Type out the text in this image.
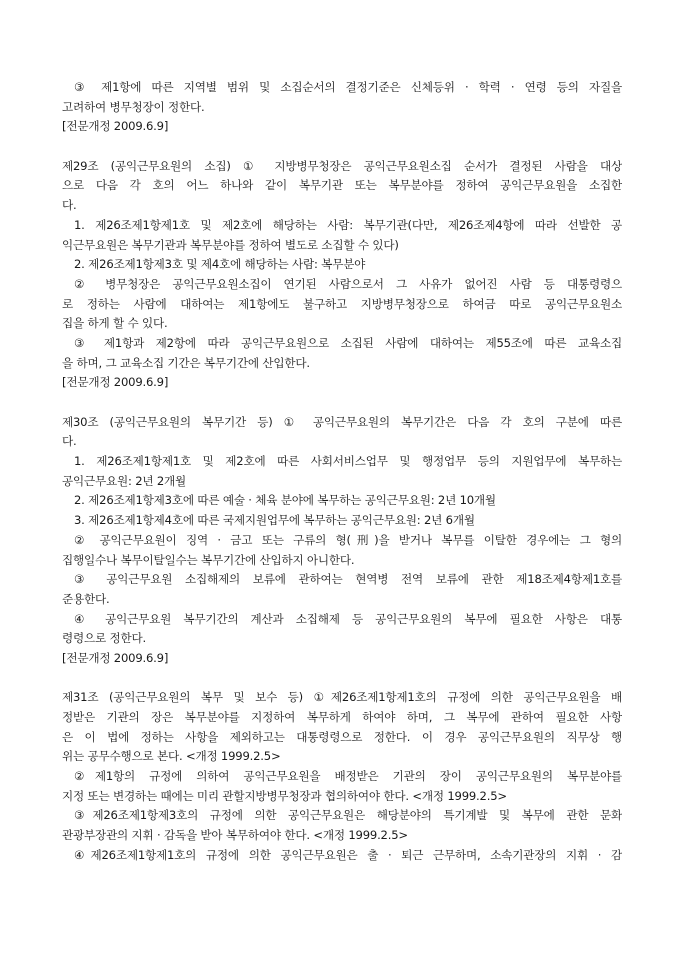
③ 제1항에 따른 지역별 범위 및 소집순서의 결정기준은 신체등위 · 학력 · 연령 등의 자질을
고려하여 병무청장이 정한다.
[전문개정 2009.6.9]
제29조 (공익근무요원의 소집) ① 지방병무청장은 공익근무요원소집 순서가 결정된 사람을 대상
으로 다음 각 호의 어느 하나와 같이 복무기관 또는 복무분야를 정하여 공익근무요원을 소집한
다.
1. 제26조제1항제1호 및 제2호에 해당하는 사람: 복무기관(다만, 제26조제4항에 따라 선발한 공
익근무요원은 복무기관과 복무분야를 정하여 별도로 소집할 수 있다)
2. 제26조제1항제3호 및 제4호에 해당하는 사람: 복무분야
② 병무청장은 공익근무요원소집이 연기된 사람으로서 그 사유가 없어진 사람 등 대통령령으
로 정하는 사람에 대하여는 제1항에도 불구하고 지방병무청장으로 하여금 따로 공익근무요원소
집을 하게 할 수 있다.
③ 제1항과 제2항에 따라 공익근무요원으로 소집된 사람에 대하여는 제55조에 따른 교육소집
을 하며, 그 교육소집 기간은 복무기간에 산입한다.
[전문개정 2009.6.9]
제30조 (공익근무요원의 복무기간 등) ① 공익근무요원의 복무기간은 다음 각 호의 구분에 따른
다.
1. 제26조제1항제1호 및 제2호에 따른 사회서비스업무 및 행정업무 등의 지원업무에 복무하는
공익근무요원: 2년 2개월
2. 제26조제1항제3호에 따른 예술 · 체육 분야에 복무하는 공익근무요원: 2년 10개월
3. 제26조제1항제4호에 따른 국제지원업무에 복무하는 공익근무요원: 2년 6개월
② 공익근무요원이 징역 · 금고 또는 구류의 형(刑)을 받거나 복무를 이탈한 경우에는 그 형의
집행일수나 복무이탈일수는 복무기간에 산입하지 아니한다.
③ 공익근무요원 소집해제의 보류에 관하여는 현역병 전역 보류에 관한 제18조제4항제1호를
준용한다.
④ 공익근무요원 복무기간의 계산과 소집해제 등 공익근무요원의 복무에 필요한 사항은 대통
령령으로 정한다.
[전문개정 2009.6.9]
제31조 (공익근무요원의 복무 및 보수 등) ①제26조제1항제1호의 규정에 의한 공익근무요원을 배
정받은 기관의 장은 복무분야를 지정하여 복무하게 하여야 하며, 그 복무에 관하여 필요한 사항
은 이 법에 정하는 사항을 제외하고는 대통령령으로 정한다. 이 경우 공익근무요원의 직무상 행
위는 공무수행으로 본다. <개정 1999.2.5>
②제1항의 규정에 의하여 공익근무요원을 배정받은 기관의 장이 공익근무요원의 복무분야를
지정 또는 변경하는 때에는 미리 관할지방병무청장과 협의하여야 한다. <개정 1999.2.5>
③제26조제1항제3호의 규정에 의한 공익근무요원은 해당분야의 특기계발 및 복무에 관한 문화
관광부장관의 지휘 · 감독을 받아 복무하여야 한다. <개정 1999.2.5>
④제26조제1항제1호의 규정에 의한 공익근무요원은 출 · 퇴근 근무하며, 소속기관장의 지휘 · 감
